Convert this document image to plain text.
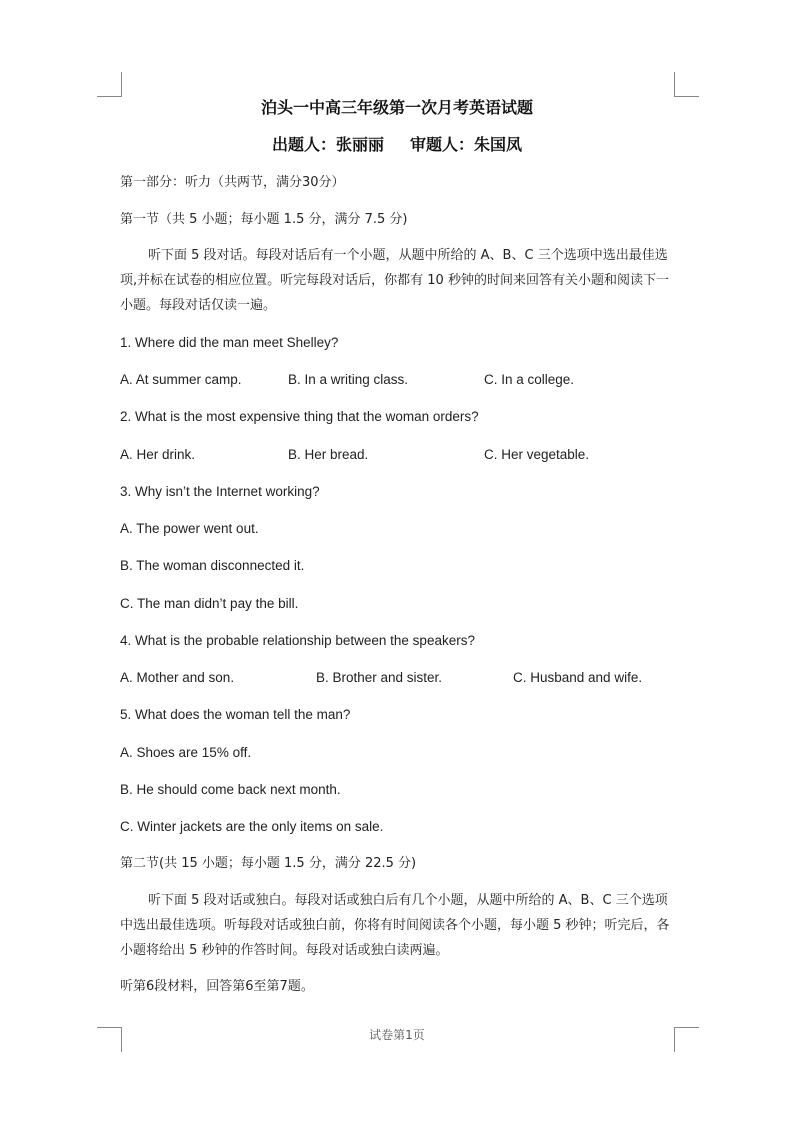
泊头一中高三年级第一次月考英语试题
出题人：张丽丽 审题人：朱国凤
第一部分：听力（共两节，满分30分）
第一节（共 5 小题；每小题 1.5 分，满分 7.5 分)
听下面 5 段对话。每段对话后有一个小题，从题中所给的 A、B、C 三个选项中选出最佳选项,并标在试卷的相应位置。听完每段对话后，你都有 10 秒钟的时间来回答有关小题和阅读下一小题。每段对话仅读一遍。
1. Where did the man meet Shelley?
A. At summer camp.	B. In a writing class.	C. In a college.
2. What is the most expensive thing that the woman orders?
A. Her drink.	B. Her bread.	C. Her vegetable.
3. Why isn’t the Internet working?
A. The power went out.
B. The woman disconnected it.
C. The man didn’t pay the bill.
4. What is the probable relationship between the speakers?
A. Mother and son.	B. Brother and sister.	C. Husband and wife.
5. What does the woman tell the man?
A. Shoes are 15% off.
B. He should come back next month.
C. Winter jackets are the only items on sale.
第二节(共 15 小题；每小题 1.5 分，满分 22.5 分)
听下面 5 段对话或独白。每段对话或独白后有几个小题，从题中所给的 A、B、C 三个选项中选出最佳选项。听每段对话或独白前，你将有时间阅读各个小题，每小题 5 秒钟；听完后，各小题将给出 5 秒钟的作答时间。每段对话或独白读两遍。
听第6段材料，回答第6至第7题。
试卷第1页
